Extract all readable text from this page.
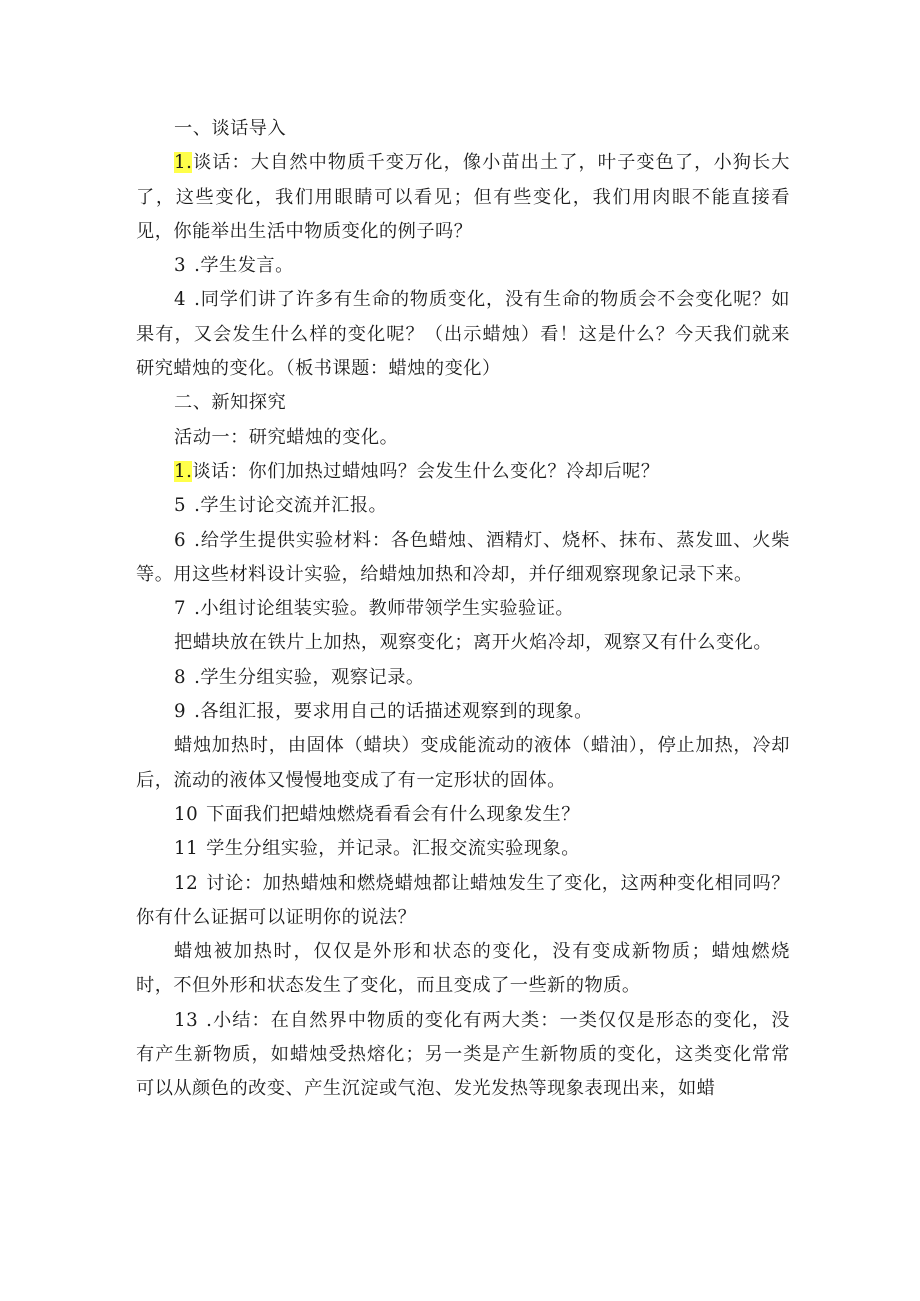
一、谈话导入

1.谈话：大自然中物质千变万化，像小苗出土了，叶子变色了，小狗长大了，这些变化，我们用眼睛可以看见；但有些变化，我们用肉眼不能直接看见，你能举出生活中物质变化的例子吗？

3 .学生发言。

4 .同学们讲了许多有生命的物质变化，没有生命的物质会不会变化呢？如果有，又会发生什么样的变化呢？（出示蜡烛）看！这是什么？今天我们就来研究蜡烛的变化。（板书课题：蜡烛的变化）

二、新知探究

活动一：研究蜡烛的变化。

1.谈话：你们加热过蜡烛吗？会发生什么变化？冷却后呢？

5 .学生讨论交流并汇报。

6 .给学生提供实验材料：各色蜡烛、酒精灯、烧杯、抹布、蒸发皿、火柴等。用这些材料设计实验，给蜡烛加热和冷却，并仔细观察现象记录下来。

7 .小组讨论组装实验。教师带领学生实验验证。

把蜡块放在铁片上加热，观察变化；离开火焰冷却，观察又有什么变化。

8 .学生分组实验，观察记录。

9 .各组汇报，要求用自己的话描述观察到的现象。

蜡烛加热时，由固体（蜡块）变成能流动的液体（蜡油），停止加热，冷却后，流动的液体又慢慢地变成了有一定形状的固体。

10 下面我们把蜡烛燃烧看看会有什么现象发生？

11 学生分组实验，并记录。汇报交流实验现象。

12 讨论：加热蜡烛和燃烧蜡烛都让蜡烛发生了变化，这两种变化相同吗？你有什么证据可以证明你的说法？

蜡烛被加热时，仅仅是外形和状态的变化，没有变成新物质；蜡烛燃烧时，不但外形和状态发生了变化，而且变成了一些新的物质。

13 .小结：在自然界中物质的变化有两大类：一类仅仅是形态的变化，没有产生新物质，如蜡烛受热熔化；另一类是产生新物质的变化，这类变化常常可以从颜色的改变、产生沉淀或气泡、发光发热等现象表现出来，如蜡
